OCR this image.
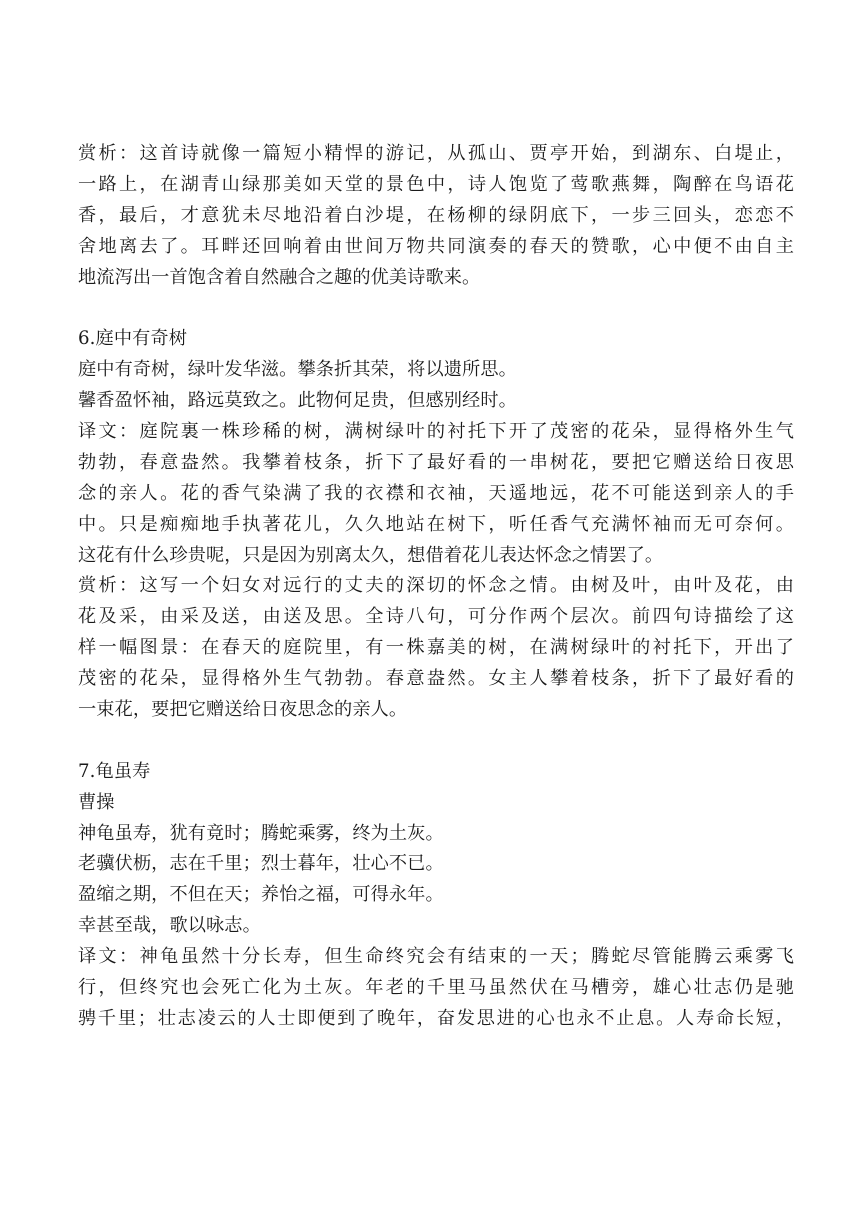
赏析：这首诗就像一篇短小精悍的游记，从孤山、贾亭开始，到湖东、白堤止，
一路上，在湖青山绿那美如天堂的景色中，诗人饱览了莺歌燕舞，陶醉在鸟语花
香，最后，才意犹未尽地沿着白沙堤，在杨柳的绿阴底下，一步三回头，恋恋不
舍地离去了。耳畔还回响着由世间万物共同演奏的春天的赞歌，心中便不由自主
地流泻出一首饱含着自然融合之趣的优美诗歌来。
6.庭中有奇树
庭中有奇树，绿叶发华滋。攀条折其荣，将以遗所思。
馨香盈怀袖，路远莫致之。此物何足贵，但感别经时。
译文：庭院裏一株珍稀的树，满树绿叶的衬托下开了茂密的花朵，显得格外生气
勃勃，春意盎然。我攀着枝条，折下了最好看的一串树花，要把它赠送给日夜思
念的亲人。花的香气染满了我的衣襟和衣袖，天遥地远，花不可能送到亲人的手
中。只是痴痴地手执著花儿，久久地站在树下，听任香气充满怀袖而无可奈何。
这花有什么珍贵呢，只是因为别离太久，想借着花儿表达怀念之情罢了。
赏析：这写一个妇女对远行的丈夫的深切的怀念之情。由树及叶，由叶及花，由
花及采，由采及送，由送及思。全诗八句，可分作两个层次。前四句诗描绘了这
样一幅图景：在春天的庭院里，有一株嘉美的树，在满树绿叶的衬托下，开出了
茂密的花朵，显得格外生气勃勃。春意盎然。女主人攀着枝条，折下了最好看的
一束花，要把它赠送给日夜思念的亲人。
7.龟虽寿
曹操
神龟虽寿，犹有竟时；腾蛇乘雾，终为土灰。
老骥伏枥，志在千里；烈士暮年，壮心不已。
盈缩之期，不但在天；养怡之福，可得永年。
幸甚至哉，歌以咏志。
译文：神龟虽然十分长寿，但生命终究会有结束的一天；腾蛇尽管能腾云乘雾飞
行，但终究也会死亡化为土灰。年老的千里马虽然伏在马槽旁，雄心壮志仍是驰
骋千里；壮志凌云的人士即便到了晚年，奋发思进的心也永不止息。人寿命长短，
